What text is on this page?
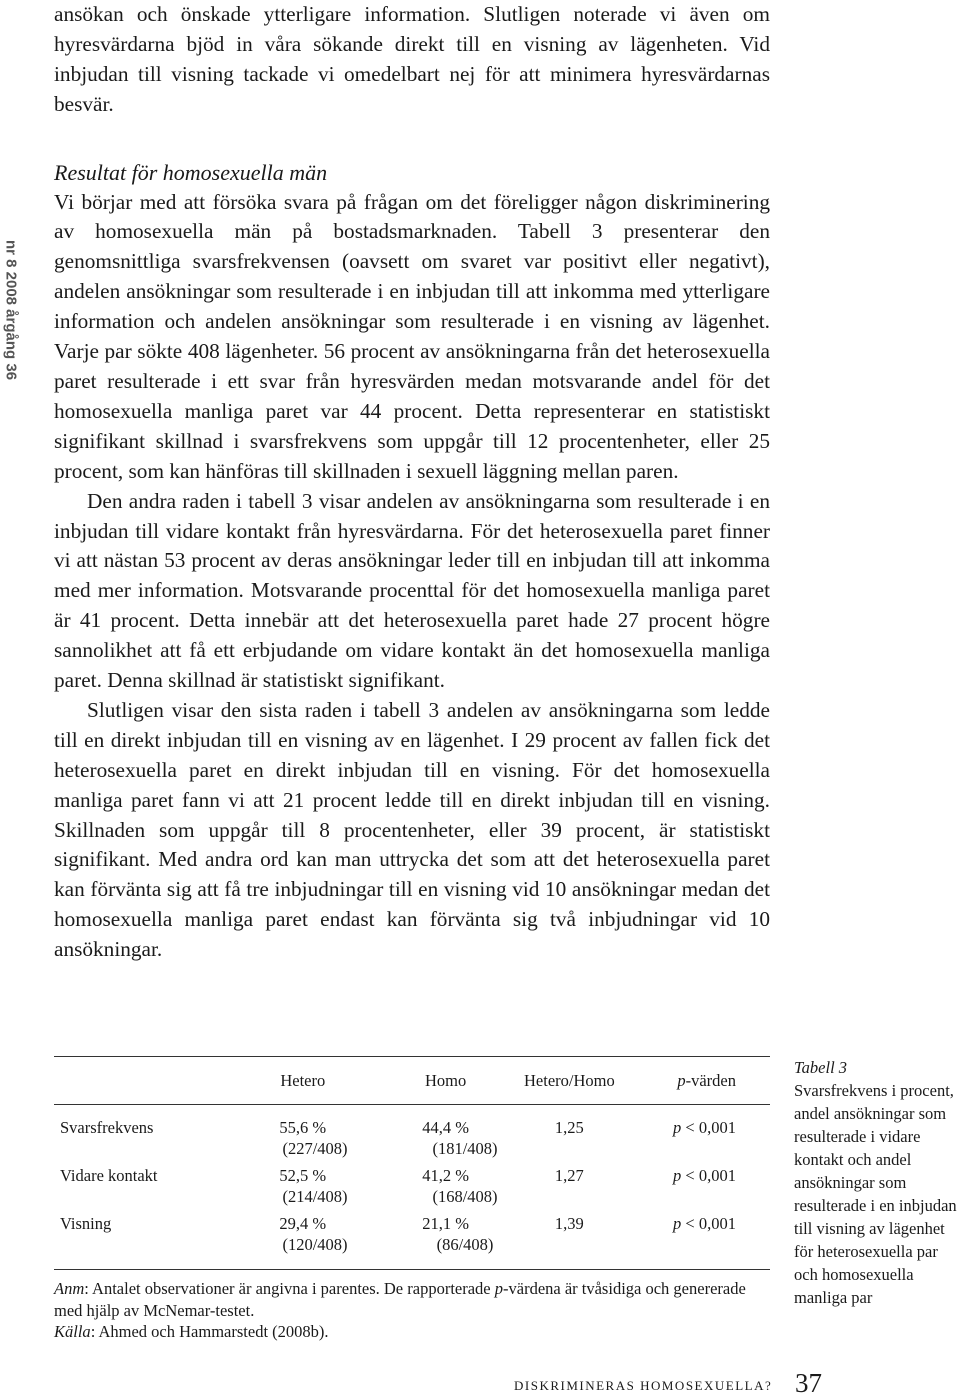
nr 8 2008 årgång 36

ansökan och önskade ytterligare information. Slutligen noterade vi även om hyresvärdarna bjöd in våra sökande direkt till en visning av lägenheten. Vid inbjudan till visning tackade vi omedelbart nej för att minimera hyresvärdarnas besvär.

Resultat för homosexuella män

Vi börjar med att försöka svara på frågan om det föreligger någon diskriminering av homosexuella män på bostadsmarknaden. Tabell 3 presenterar den genomsnittliga svarsfrekvensen (oavsett om svaret var positivt eller negativt), andelen ansökningar som resulterade i en inbjudan till att inkomma med ytterligare information och andelen ansökningar som resulterade i en visning av lägenhet. Varje par sökte 408 lägenheter. 56 procent av ansökningarna från det heterosexuella paret resulterade i ett svar från hyresvärden medan motsvarande andel för det homosexuella manliga paret var 44 procent. Detta representerar en statistiskt signifikant skillnad i svarsfrekvens som uppgår till 12 procentenheter, eller 25 procent, som kan hänföras till skillnaden i sexuell läggning mellan paren.

Den andra raden i tabell 3 visar andelen av ansökningarna som resulterade i en inbjudan till vidare kontakt från hyresvärdarna. För det heterosexuella paret finner vi att nästan 53 procent av deras ansökningar leder till en inbjudan till att inkomma med mer information. Motsvarande procenttal för det homosexuella manliga paret är 41 procent. Detta innebär att det heterosexuella paret hade 27 procent högre sannolikhet att få ett erbjudande om vidare kontakt än det homosexuella manliga paret. Denna skillnad är statistiskt signifikant.

Slutligen visar den sista raden i tabell 3 andelen av ansökningarna som ledde till en direkt inbjudan till en visning av en lägenhet. I 29 procent av fallen fick det heterosexuella paret en direkt inbjudan till en visning. För det homosexuella manliga paret fann vi att 21 procent ledde till en direkt inbjudan till en visning. Skillnaden som uppgår till 8 procentenheter, eller 39 procent, är statistiskt signifikant. Med andra ord kan man uttrycka det som att det heterosexuella paret kan förvänta sig att få tre inbjudningar till en visning vid 10 ansökningar medan det homosexuella manliga paret endast kan förvänta sig två inbjudningar vid 10 ansökningar.

Hetero	Homo	Hetero/Homo	p-värden
Svarsfrekvens	55,6 %	44,4 %	1,25	p < 0,001
(227/408)	(181/408)
Vidare kontakt	52,5 %	41,2 %	1,27	p < 0,001
(214/408)	(168/408)
Visning	29,4 %	21,1 %	1,39	p < 0,001
(120/408)	(86/408)

Anm: Antalet observationer är angivna i parentes. De rapporterade p-värdena är tvåsidiga och genererade med hjälp av McNemar-testet.

Källa: Ahmed och Hammarstedt (2008b).

Tabell 3
Svarsfrekvens i procent, andel ansökningar som resulterade i vidare kontakt och andel ansökningar som resulterade i en inbjudan till visning av lägenhet för heterosexuella par och homosexuella manliga par
DISKRIMINERAS HOMOSEXUELLA? 37
